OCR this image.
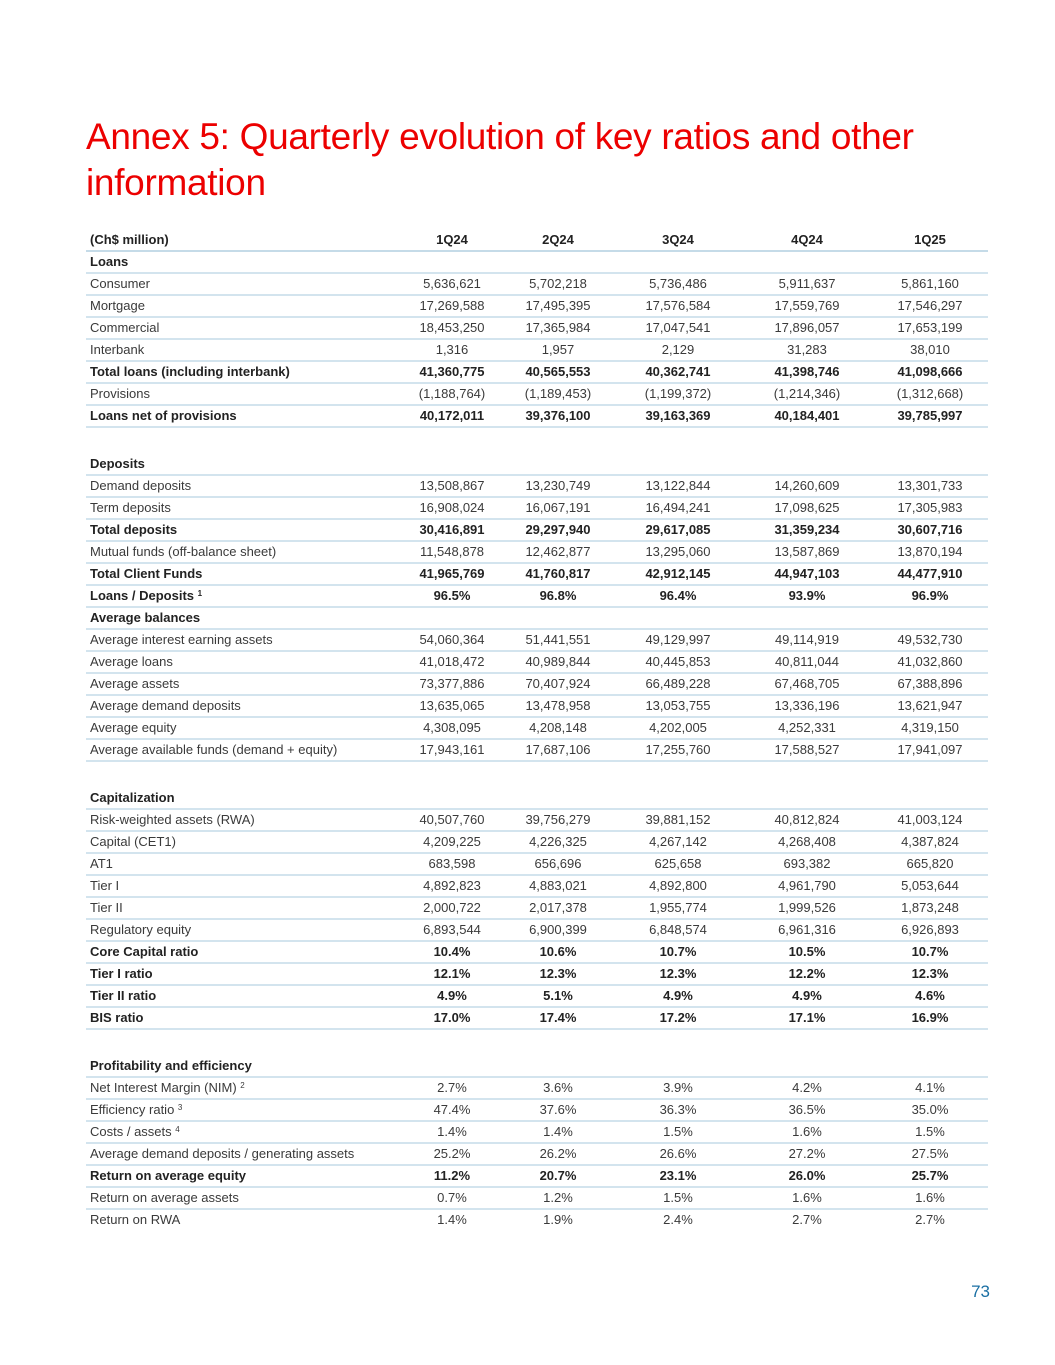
Annex 5: Quarterly evolution of key ratios and other information
(Ch$ million)	1Q24	2Q24	3Q24	4Q24	1Q25
Loans					
Consumer	5,636,621	5,702,218	5,736,486	5,911,637	5,861,160
Mortgage	17,269,588	17,495,395	17,576,584	17,559,769	17,546,297
Commercial	18,453,250	17,365,984	17,047,541	17,896,057	17,653,199
Interbank	1,316	1,957	2,129	31,283	38,010
Total loans (including interbank)	41,360,775	40,565,553	40,362,741	41,398,746	41,098,666
Provisions	(1,188,764)	(1,189,453)	(1,199,372)	(1,214,346)	(1,312,668)
Loans net of provisions	40,172,011	39,376,100	39,163,369	40,184,401	39,785,997

Deposits					
Demand deposits	13,508,867	13,230,749	13,122,844	14,260,609	13,301,733
Term deposits	16,908,024	16,067,191	16,494,241	17,098,625	17,305,983
Total deposits	30,416,891	29,297,940	29,617,085	31,359,234	30,607,716
Mutual funds (off-balance sheet)	11,548,878	12,462,877	13,295,060	13,587,869	13,870,194
Total Client Funds	41,965,769	41,760,817	42,912,145	44,947,103	44,477,910
Loans / Deposits $^1$	96.5%	96.8%	96.4%	93.9%	96.9%
Average balances					
Average interest earning assets	54,060,364	51,441,551	49,129,997	49,114,919	49,532,730
Average loans	41,018,472	40,989,844	40,445,853	40,811,044	41,032,860
Average assets	73,377,886	70,407,924	66,489,228	67,468,705	67,388,896
Average demand deposits	13,635,065	13,478,958	13,053,755	13,336,196	13,621,947
Average equity	4,308,095	4,208,148	4,202,005	4,252,331	4,319,150
Average available funds (demand + equity)	17,943,161	17,687,106	17,255,760	17,588,527	17,941,097

Capitalization					
Risk-weighted assets (RWA)	40,507,760	39,756,279	39,881,152	40,812,824	41,003,124
Capital (CET1)	4,209,225	4,226,325	4,267,142	4,268,408	4,387,824
AT1	683,598	656,696	625,658	693,382	665,820
Tier I	4,892,823	4,883,021	4,892,800	4,961,790	5,053,644
Tier II	2,000,722	2,017,378	1,955,774	1,999,526	1,873,248
Regulatory equity	6,893,544	6,900,399	6,848,574	6,961,316	6,926,893
Core Capital ratio	10.4%	10.6%	10.7%	10.5%	10.7%
Tier I ratio	12.1%	12.3%	12.3%	12.2%	12.3%
Tier II ratio	4.9%	5.1%	4.9%	4.9%	4.6%
BIS ratio	17.0%	17.4%	17.2%	17.1%	16.9%

Profitability and efficiency					
Net Interest Margin (NIM) $^2$	2.7%	3.6%	3.9%	4.2%	4.1%
Efficiency ratio $^3$	47.4%	37.6%	36.3%	36.5%	35.0%
Costs / assets $^4$	1.4%	1.4%	1.5%	1.6%	1.5%
Average demand deposits / generating assets	25.2%	26.2%	26.6%	27.2%	27.5%
Return on average equity	11.2%	20.7%	23.1%	26.0%	25.7%
Return on average assets	0.7%	1.2%	1.5%	1.6%	1.6%
Return on RWA	1.4%	1.9%	2.4%	2.7%	2.7%
73
